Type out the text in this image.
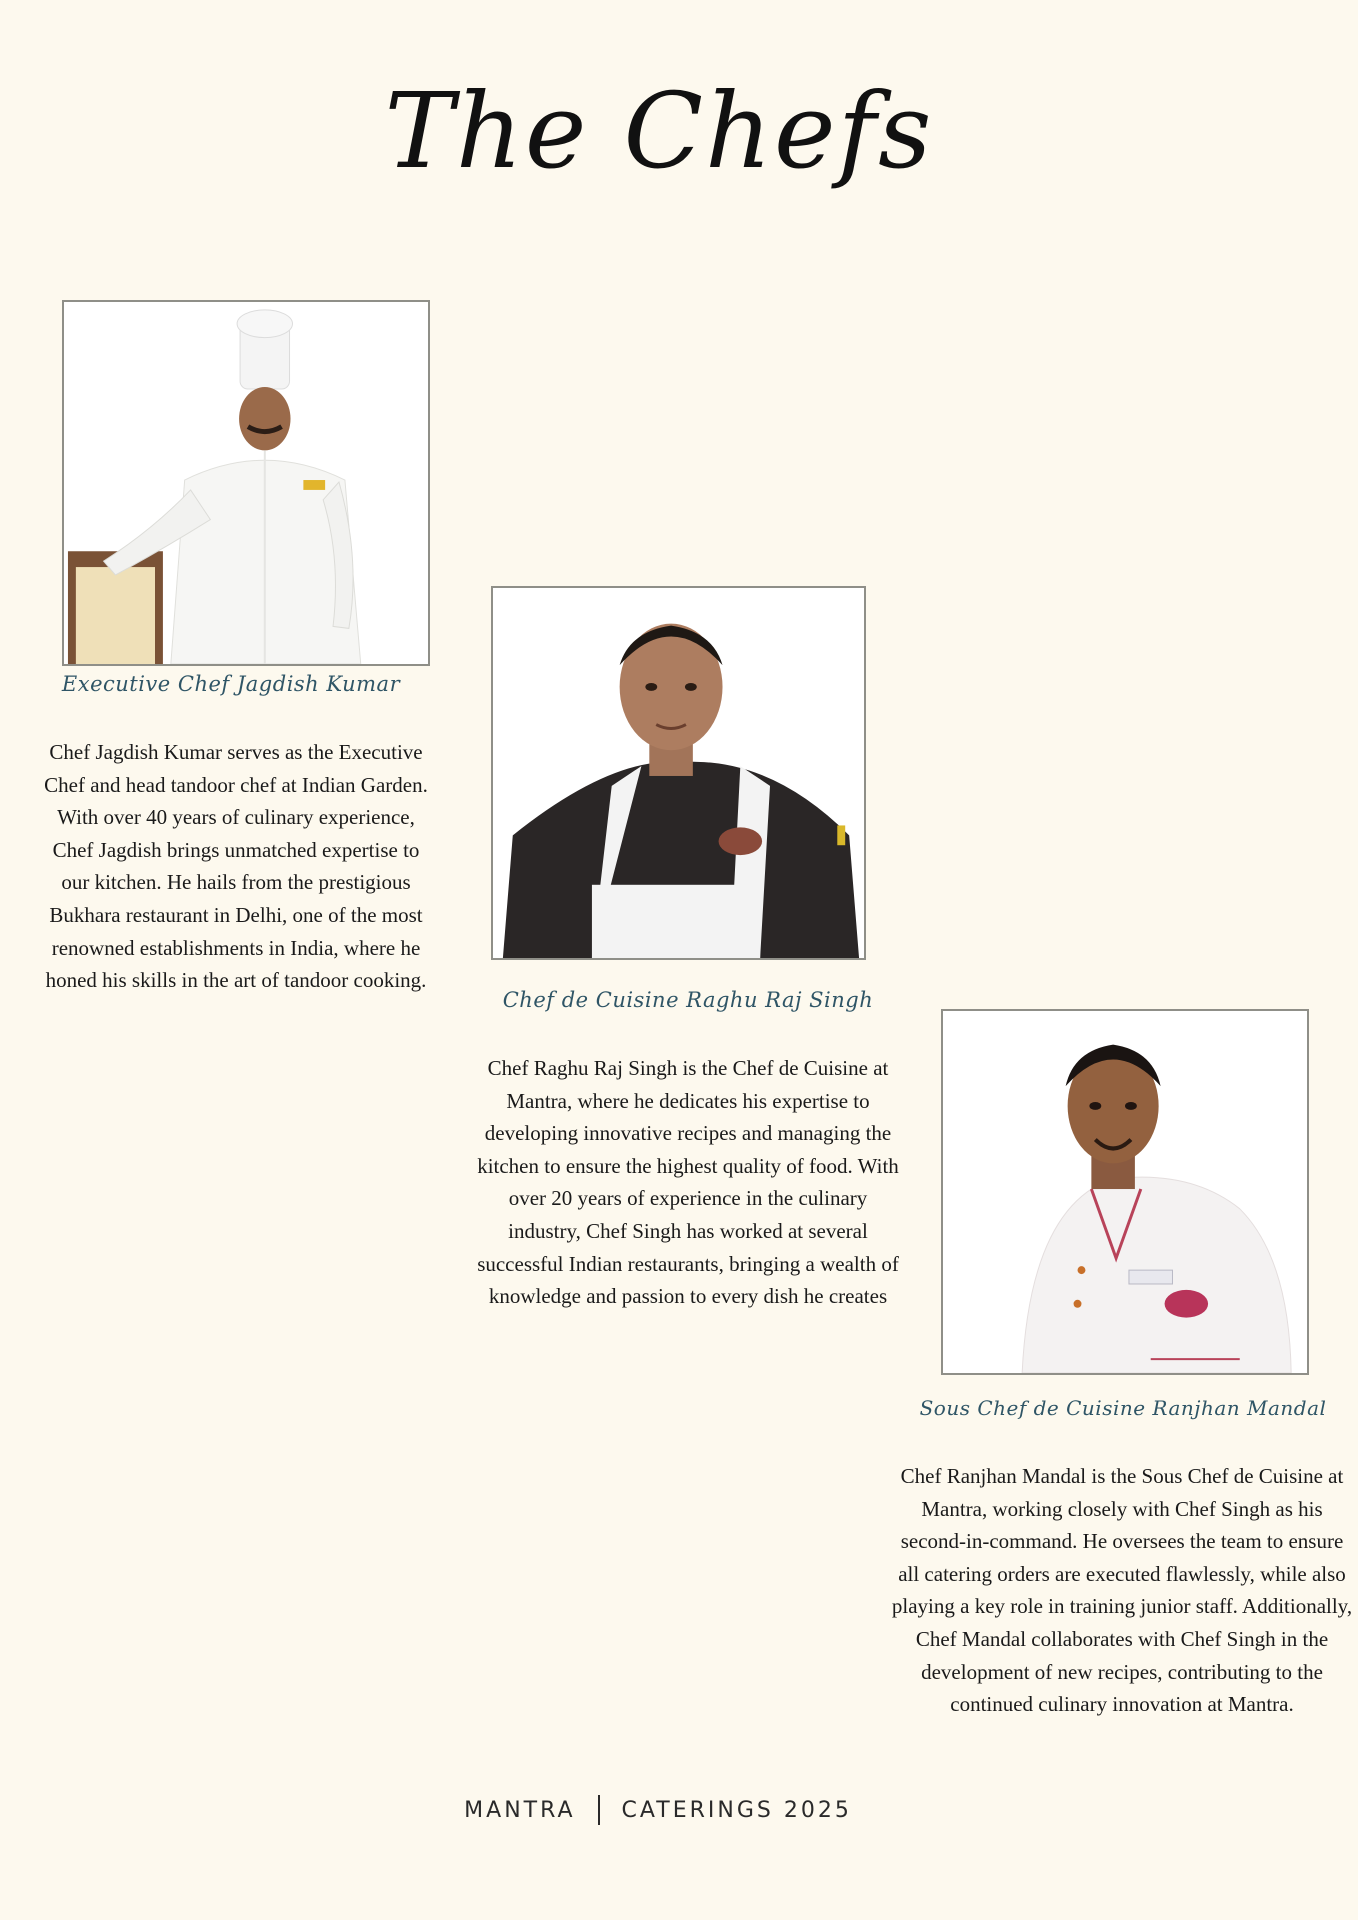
The Chefs
Executive Chef Jagdish Kumar

Chef Jagdish Kumar serves as the Executive Chef and head tandoor chef at Indian Garden. With over 40 years of culinary experience, Chef Jagdish brings unmatched expertise to our kitchen. He hails from the prestigious Bukhara restaurant in Delhi, one of the most renowned establishments in India, where he honed his skills in the art of tandoor cooking.

Chef de Cuisine Raghu Raj Singh

Chef Raghu Raj Singh is the Chef de Cuisine at Mantra, where he dedicates his expertise to developing innovative recipes and managing the kitchen to ensure the highest quality of food. With over 20 years of experience in the culinary industry, Chef Singh has worked at several successful Indian restaurants, bringing a wealth of knowledge and passion to every dish he creates

Sous Chef de Cuisine Ranjhan Mandal

Chef Ranjhan Mandal is the Sous Chef de Cuisine at Mantra, working closely with Chef Singh as his second-in-command. He oversees the team to ensure all catering orders are executed flawlessly, while also playing a key role in training junior staff. Additionally, Chef Mandal collaborates with Chef Singh in the development of new recipes, contributing to the continued culinary innovation at Mantra.

MANTRA CATERINGS 2025
